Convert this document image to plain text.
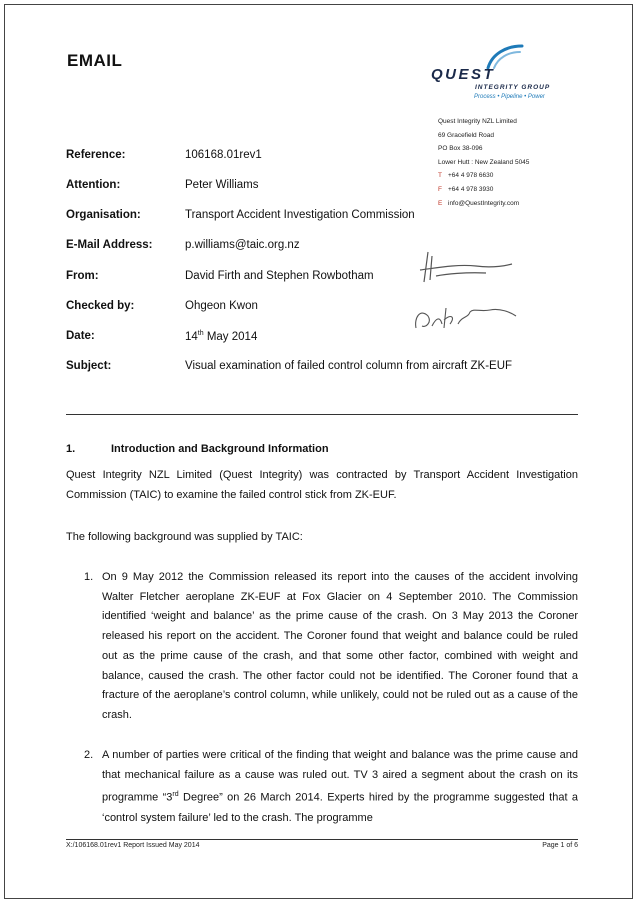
EMAIL
QUEST
INTEGRITY GROUP
Process • Pipeline • Power
Quest Integrity NZL Limited
69 Gracefield Road
PO Box 38-096
Lower Hutt : New Zealand 5045
T +64 4 978 6630
F +64 4 978 3930
E info@QuestIntegrity.com
Reference:	106168.01rev1
Attention:	Peter Williams
Organisation:	Transport Accident Investigation Commission
E-Mail Address:	p.williams@taic.org.nz
From:	David Firth and Stephen Rowbotham
Checked by:	Ohgeon Kwon
Date:	14th May 2014
Subject:	Visual examination of failed control column from aircraft ZK-EUF
1.	Introduction and Background Information
Quest Integrity NZL Limited (Quest Integrity) was contracted by Transport Accident Investigation Commission (TAIC) to examine the failed control stick from ZK-EUF.
The following background was supplied by TAIC:
1. On 9 May 2012 the Commission released its report into the causes of the accident involving Walter Fletcher aeroplane ZK-EUF at Fox Glacier on 4 September 2010. The Commission identified ‘weight and balance’ as the prime cause of the crash. On 3 May 2013 the Coroner released his report on the accident. The Coroner found that weight and balance could be ruled out as the prime cause of the crash, and that some other factor, combined with weight and balance, caused the crash. The other factor could not be identified. The Coroner found that a fracture of the aeroplane’s control column, while unlikely, could not be ruled out as a cause of the crash.
2. A number of parties were critical of the finding that weight and balance was the prime cause and that mechanical failure as a cause was ruled out. TV 3 aired a segment about the crash on its programme “3rd Degree” on 26 March 2014. Experts hired by the programme suggested that a ‘control system failure’ led to the crash. The programme
X:/106168.01rev1 Report Issued May 2014	Page 1 of 6
